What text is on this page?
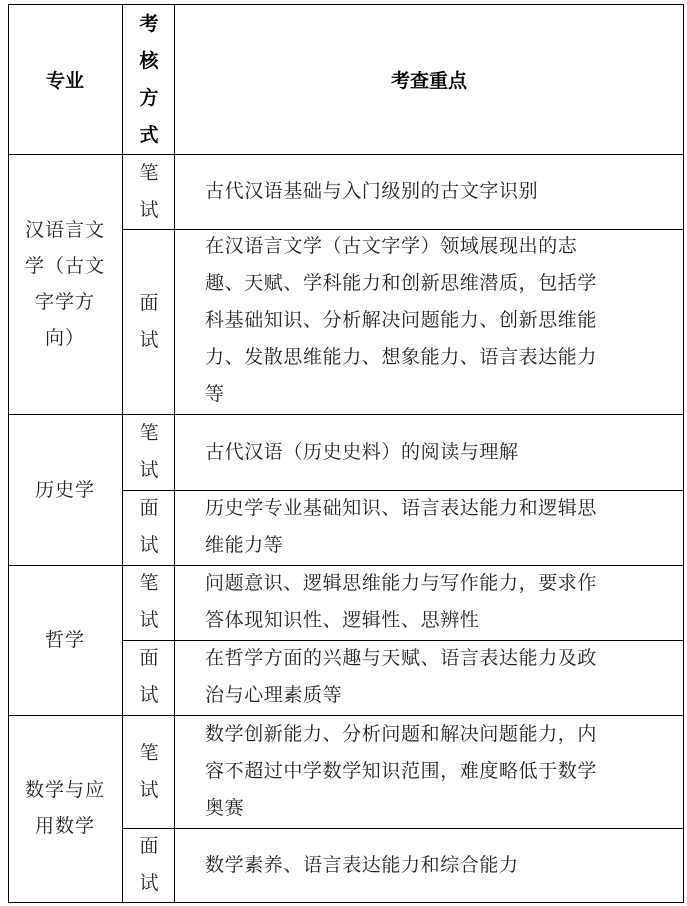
专业
考
核
方
式
考查重点
汉语言文
学（古文
字学方
向）
笔
试
古代汉语基础与入门级别的古文字识别
面
试
在汉语言文学（古文字学）领域展现出的志
趣、天赋、学科能力和创新思维潜质，包括学
科基础知识、分析解决问题能力、创新思维能
力、发散思维能力、想象能力、语言表达能力
等
历史学
笔
试
古代汉语（历史史料）的阅读与理解
面
试
历史学专业基础知识、语言表达能力和逻辑思
维能力等
哲学
笔
试
问题意识、逻辑思维能力与写作能力，要求作
答体现知识性、逻辑性、思辨性
面
试
在哲学方面的兴趣与天赋、语言表达能力及政
治与心理素质等
数学与应
用数学
笔
试
数学创新能力、分析问题和解决问题能力，内
容不超过中学数学知识范围，难度略低于数学
奥赛
面
试
数学素养、语言表达能力和综合能力
